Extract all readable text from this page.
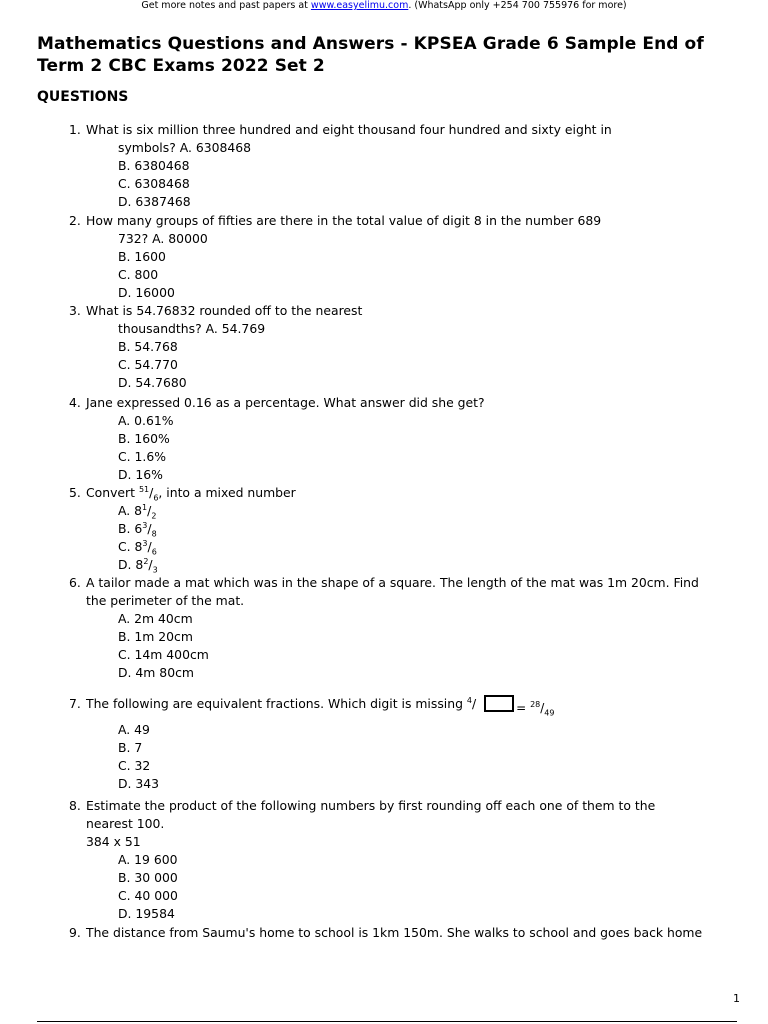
Get more notes and past papers at www.easyelimu.com. (WhatsApp only +254 700 755976 for more)
Mathematics Questions and Answers - KPSEA Grade 6 Sample End of Term 2 CBC Exams 2022 Set 2
QUESTIONS
1. What is six million three hundred and eight thousand four hundred and sixty eight in
symbols? A. 6308468
B. 6380468
C. 6308468
D. 6387468
2. How many groups of fifties are there in the total value of digit 8 in the number 689
732? A. 80000
B. 1600
C. 800
D. 16000
3. What is 54.76832 rounded off to the nearest
thousandths? A. 54.769
B. 54.768
C. 54.770
D. 54.7680
4. Jane expressed 0.16 as a percentage. What answer did she get?
A. 0.61%
B. 160%
C. 1.6%
D. 16%
5. Convert $^{51}/_6$, into a mixed number
A. $8^1/_2$
B. $6^3/_8$
C. $8^3/_6$
D. $8^2/_3$
6. A tailor made a mat which was in the shape of a square. The length of the mat was 1m 20cm. Find
the perimeter of the mat.
A. 2m 40cm
B. 1m 20cm
C. 14m 400cm
D. 4m 80cm
7. The following are equivalent fractions. Which digit is missing $^4$/	= $^{28}/_{49}$
A. 49
B. 7
C. 32
D. 343
8. Estimate the product of the following numbers by first rounding off each one of them to the
nearest 100.
384 x 51
A. 19 600
B. 30 000
C. 40 000
D. 19584
9. The distance from Saumu's home to school is 1km 150m. She walks to school and goes back home
1
